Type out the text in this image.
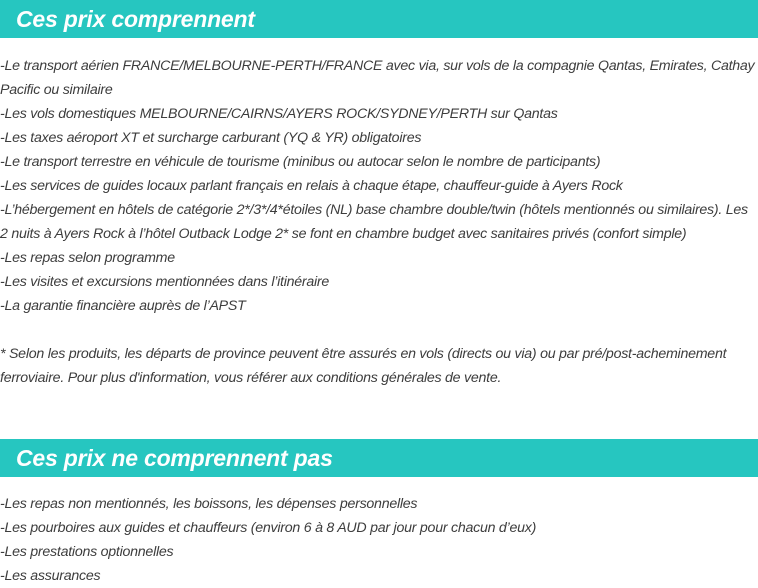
Ces prix comprennent
-Le transport aérien FRANCE/MELBOURNE-PERTH/FRANCE avec via, sur vols de la compagnie Qantas, Emirates, Cathay Pacific ou similaire
-Les vols domestiques MELBOURNE/CAIRNS/AYERS ROCK/SYDNEY/PERTH sur Qantas
-Les taxes aéroport XT et surcharge carburant (YQ & YR) obligatoires
-Le transport terrestre en véhicule de tourisme (minibus ou autocar selon le nombre de participants)
-Les services de guides locaux parlant français en relais à chaque étape, chauffeur-guide à Ayers Rock
-L’hébergement en hôtels de catégorie 2*/3*/4*étoiles (NL) base chambre double/twin (hôtels mentionnés ou similaires). Les 2 nuits à Ayers Rock à l’hôtel Outback Lodge 2* se font en chambre budget avec sanitaires privés (confort simple)
-Les repas selon programme
-Les visites et excursions mentionnées dans l’itinéraire
-La garantie financière auprès de l’APST

* Selon les produits, les départs de province peuvent être assurés en vols (directs ou via) ou par pré/post-acheminement ferroviaire. Pour plus d'information, vous référer aux conditions générales de vente.

Ces prix ne comprennent pas
-Les repas non mentionnés, les boissons, les dépenses personnelles
-Les pourboires aux guides et chauffeurs (environ 6 à 8 AUD par jour pour chacun d’eux)
-Les prestations optionnelles
-Les assurances
